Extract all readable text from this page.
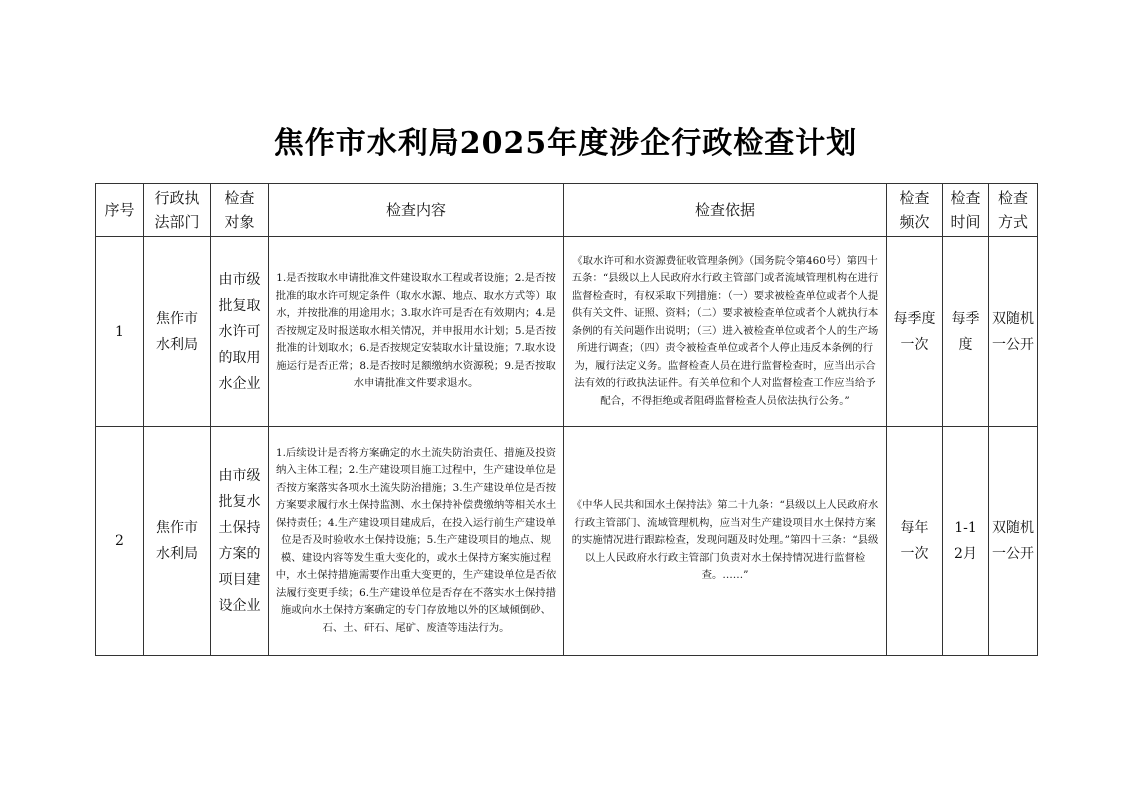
焦作市水利局2025年度涉企行政检查计划
序号	行政执法部门	检查对象	检查内容	检查依据	检查频次	检查时间	检查方式
1	焦作市水利局	由市级批复取水许可的取用水企业	1.是否按取水申请批准文件建设取水工程或者设施；2.是否按批准的取水许可规定条件（取水水源、地点、取水方式等）取水，并按批准的用途用水；3.取水许可是否在有效期内；4.是否按规定及时报送取水相关情况，并申报用水计划；5.是否按批准的计划取水；6.是否按规定安装取水计量设施；7.取水设施运行是否正常；8.是否按时足额缴纳水资源税；9.是否按取水申请批准文件要求退水。	《取水许可和水资源费征收管理条例》（国务院令第460号）第四十五条：“县级以上人民政府水行政主管部门或者流域管理机构在进行监督检查时，有权采取下列措施：（一）要求被检查单位或者个人提供有关文件、证照、资料；（二）要求被检查单位或者个人就执行本条例的有关问题作出说明；（三）进入被检查单位或者个人的生产场所进行调查；（四）责令被检查单位或者个人停止违反本条例的行为，履行法定义务。监督检查人员在进行监督检查时，应当出示合法有效的行政执法证件。有关单位和个人对监督检查工作应当给予配合，不得拒绝或者阻碍监督检查人员依法执行公务。”	每季度一次	每季度	双随机一公开
2	焦作市水利局	由市级批复水土保持方案的项目建设企业	1.后续设计是否将方案确定的水土流失防治责任、措施及投资纳入主体工程；2.生产建设项目施工过程中，生产建设单位是否按方案落实各项水土流失防治措施；3.生产建设单位是否按方案要求履行水土保持监测、水土保持补偿费缴纳等相关水土保持责任；4.生产建设项目建成后，在投入运行前生产建设单位是否及时验收水土保持设施；5.生产建设项目的地点、规模、建设内容等发生重大变化的，或水土保持方案实施过程中，水土保持措施需要作出重大变更的，生产建设单位是否依法履行变更手续；6.生产建设单位是否存在不落实水土保持措施或向水土保持方案确定的专门存放地以外的区域倾倒砂、石、土、矸石、尾矿、废渣等违法行为。	《中华人民共和国水土保持法》第二十九条：“县级以上人民政府水行政主管部门、流域管理机构，应当对生产建设项目水土保持方案的实施情况进行跟踪检查，发现问题及时处理。”第四十三条：“县级以上人民政府水行政主管部门负责对水土保持情况进行监督检查。……”	每年一次	1-12月	双随机一公开
